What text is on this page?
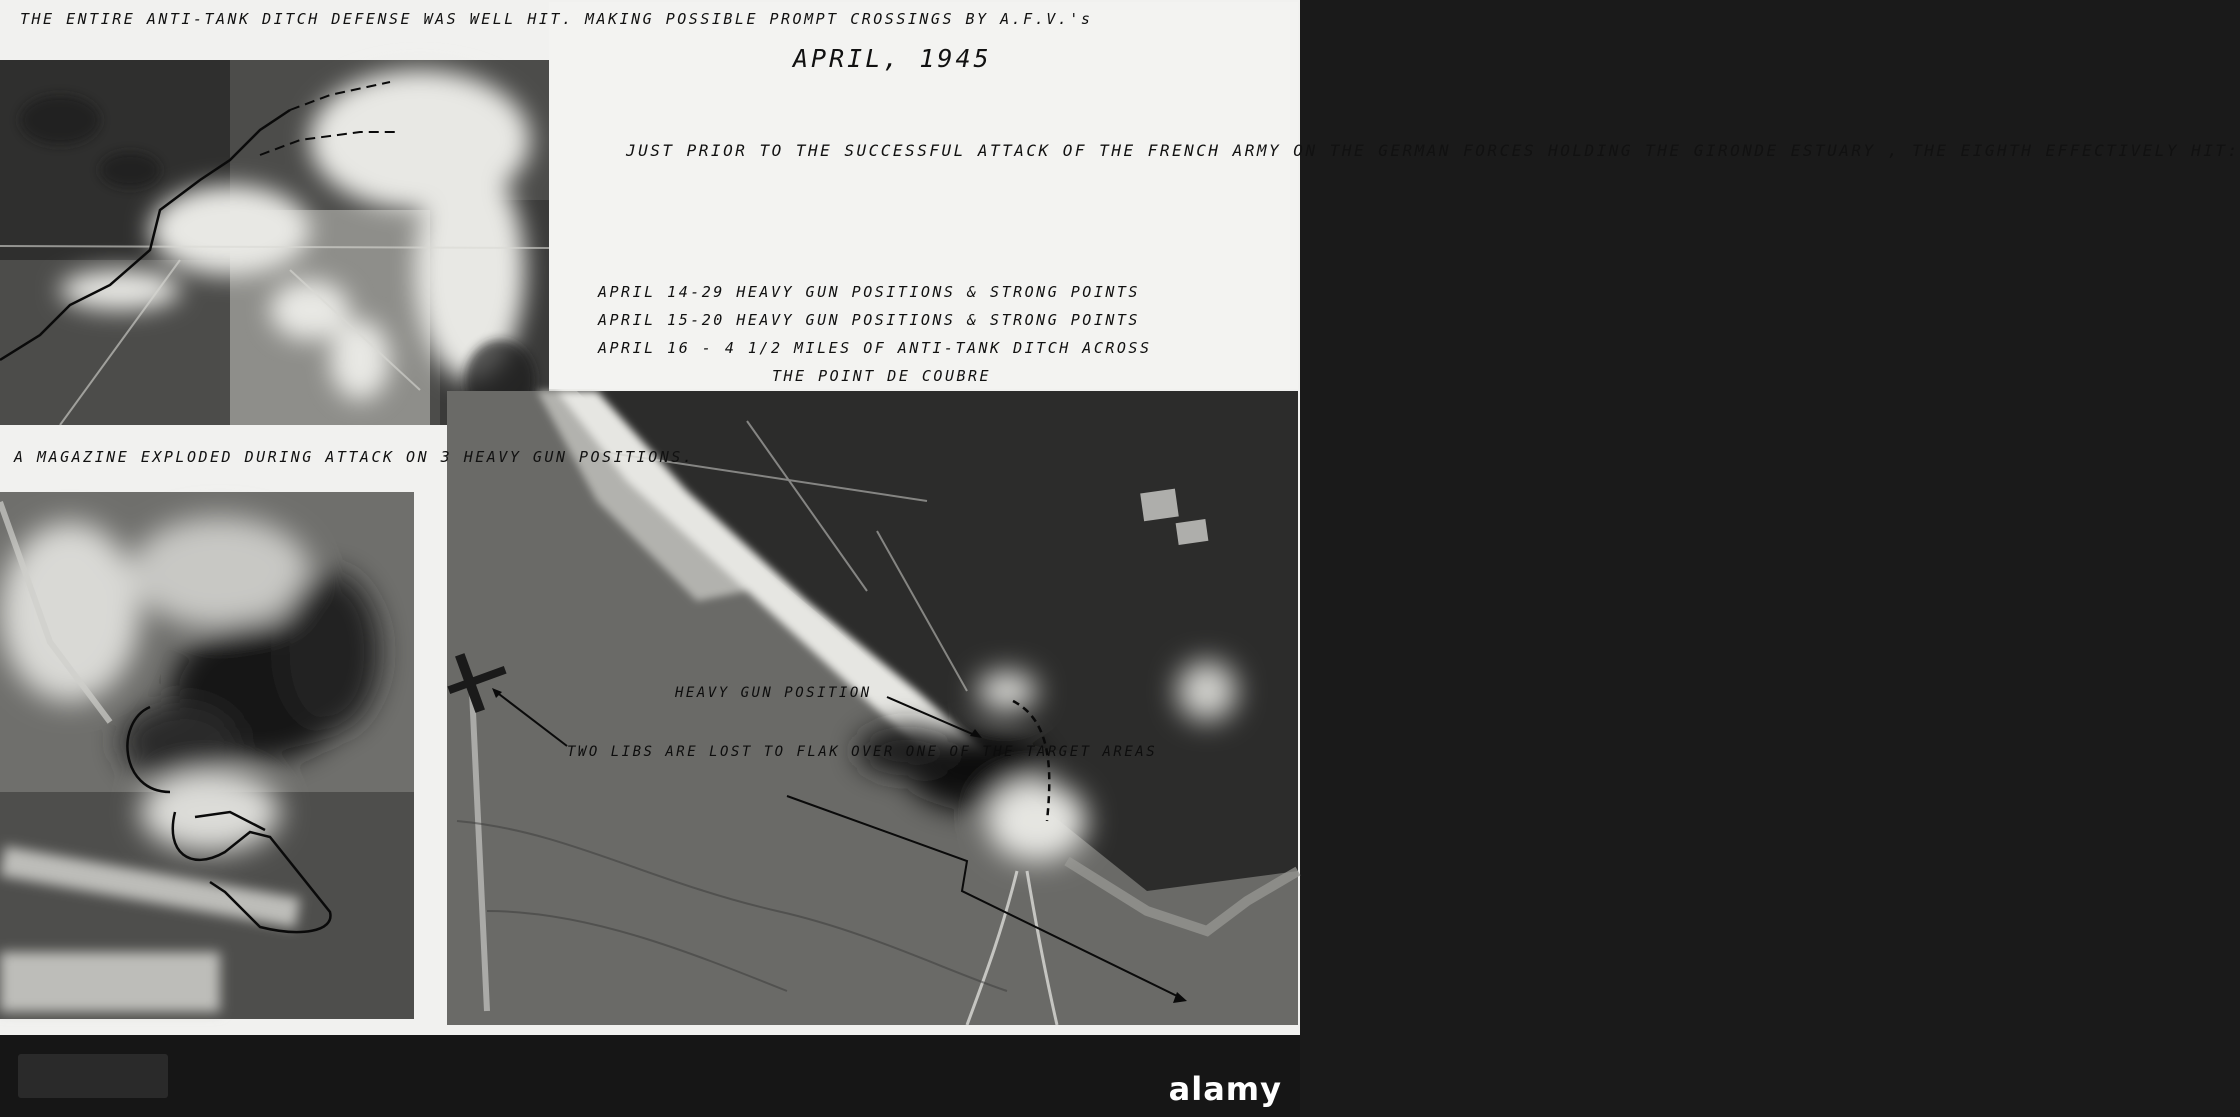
THE ENTIRE ANTI-TANK DITCH DEFENSE WAS WELL HIT. MAKING POSSIBLE PROMPT CROSSINGS BY A.F.V.'s
A MAGAZINE EXPLODED DURING ATTACK ON 3 HEAVY GUN POSITIONS.
APRIL, 1945
JUST PRIOR TO THE SUCCESSFUL ATTACK OF THE FRENCH ARMY ON THE GERMAN FORCES HOLDING THE GIRONDE ESTUARY , THE EIGHTH EFFECTIVELY HIT:
APRIL 14-29 HEAVY GUN POSITIONS & STRONG POINTS
APRIL 15-20 HEAVY GUN POSITIONS & STRONG POINTS
APRIL 16 - 4 1/2 MILES OF ANTI-TANK DITCH ACROSS
THE POINT DE COUBRE
HEAVY GUN POSITION
TWO LIBS ARE LOST TO FLAK OVER ONE OF THE TARGET AREAS
alamy
